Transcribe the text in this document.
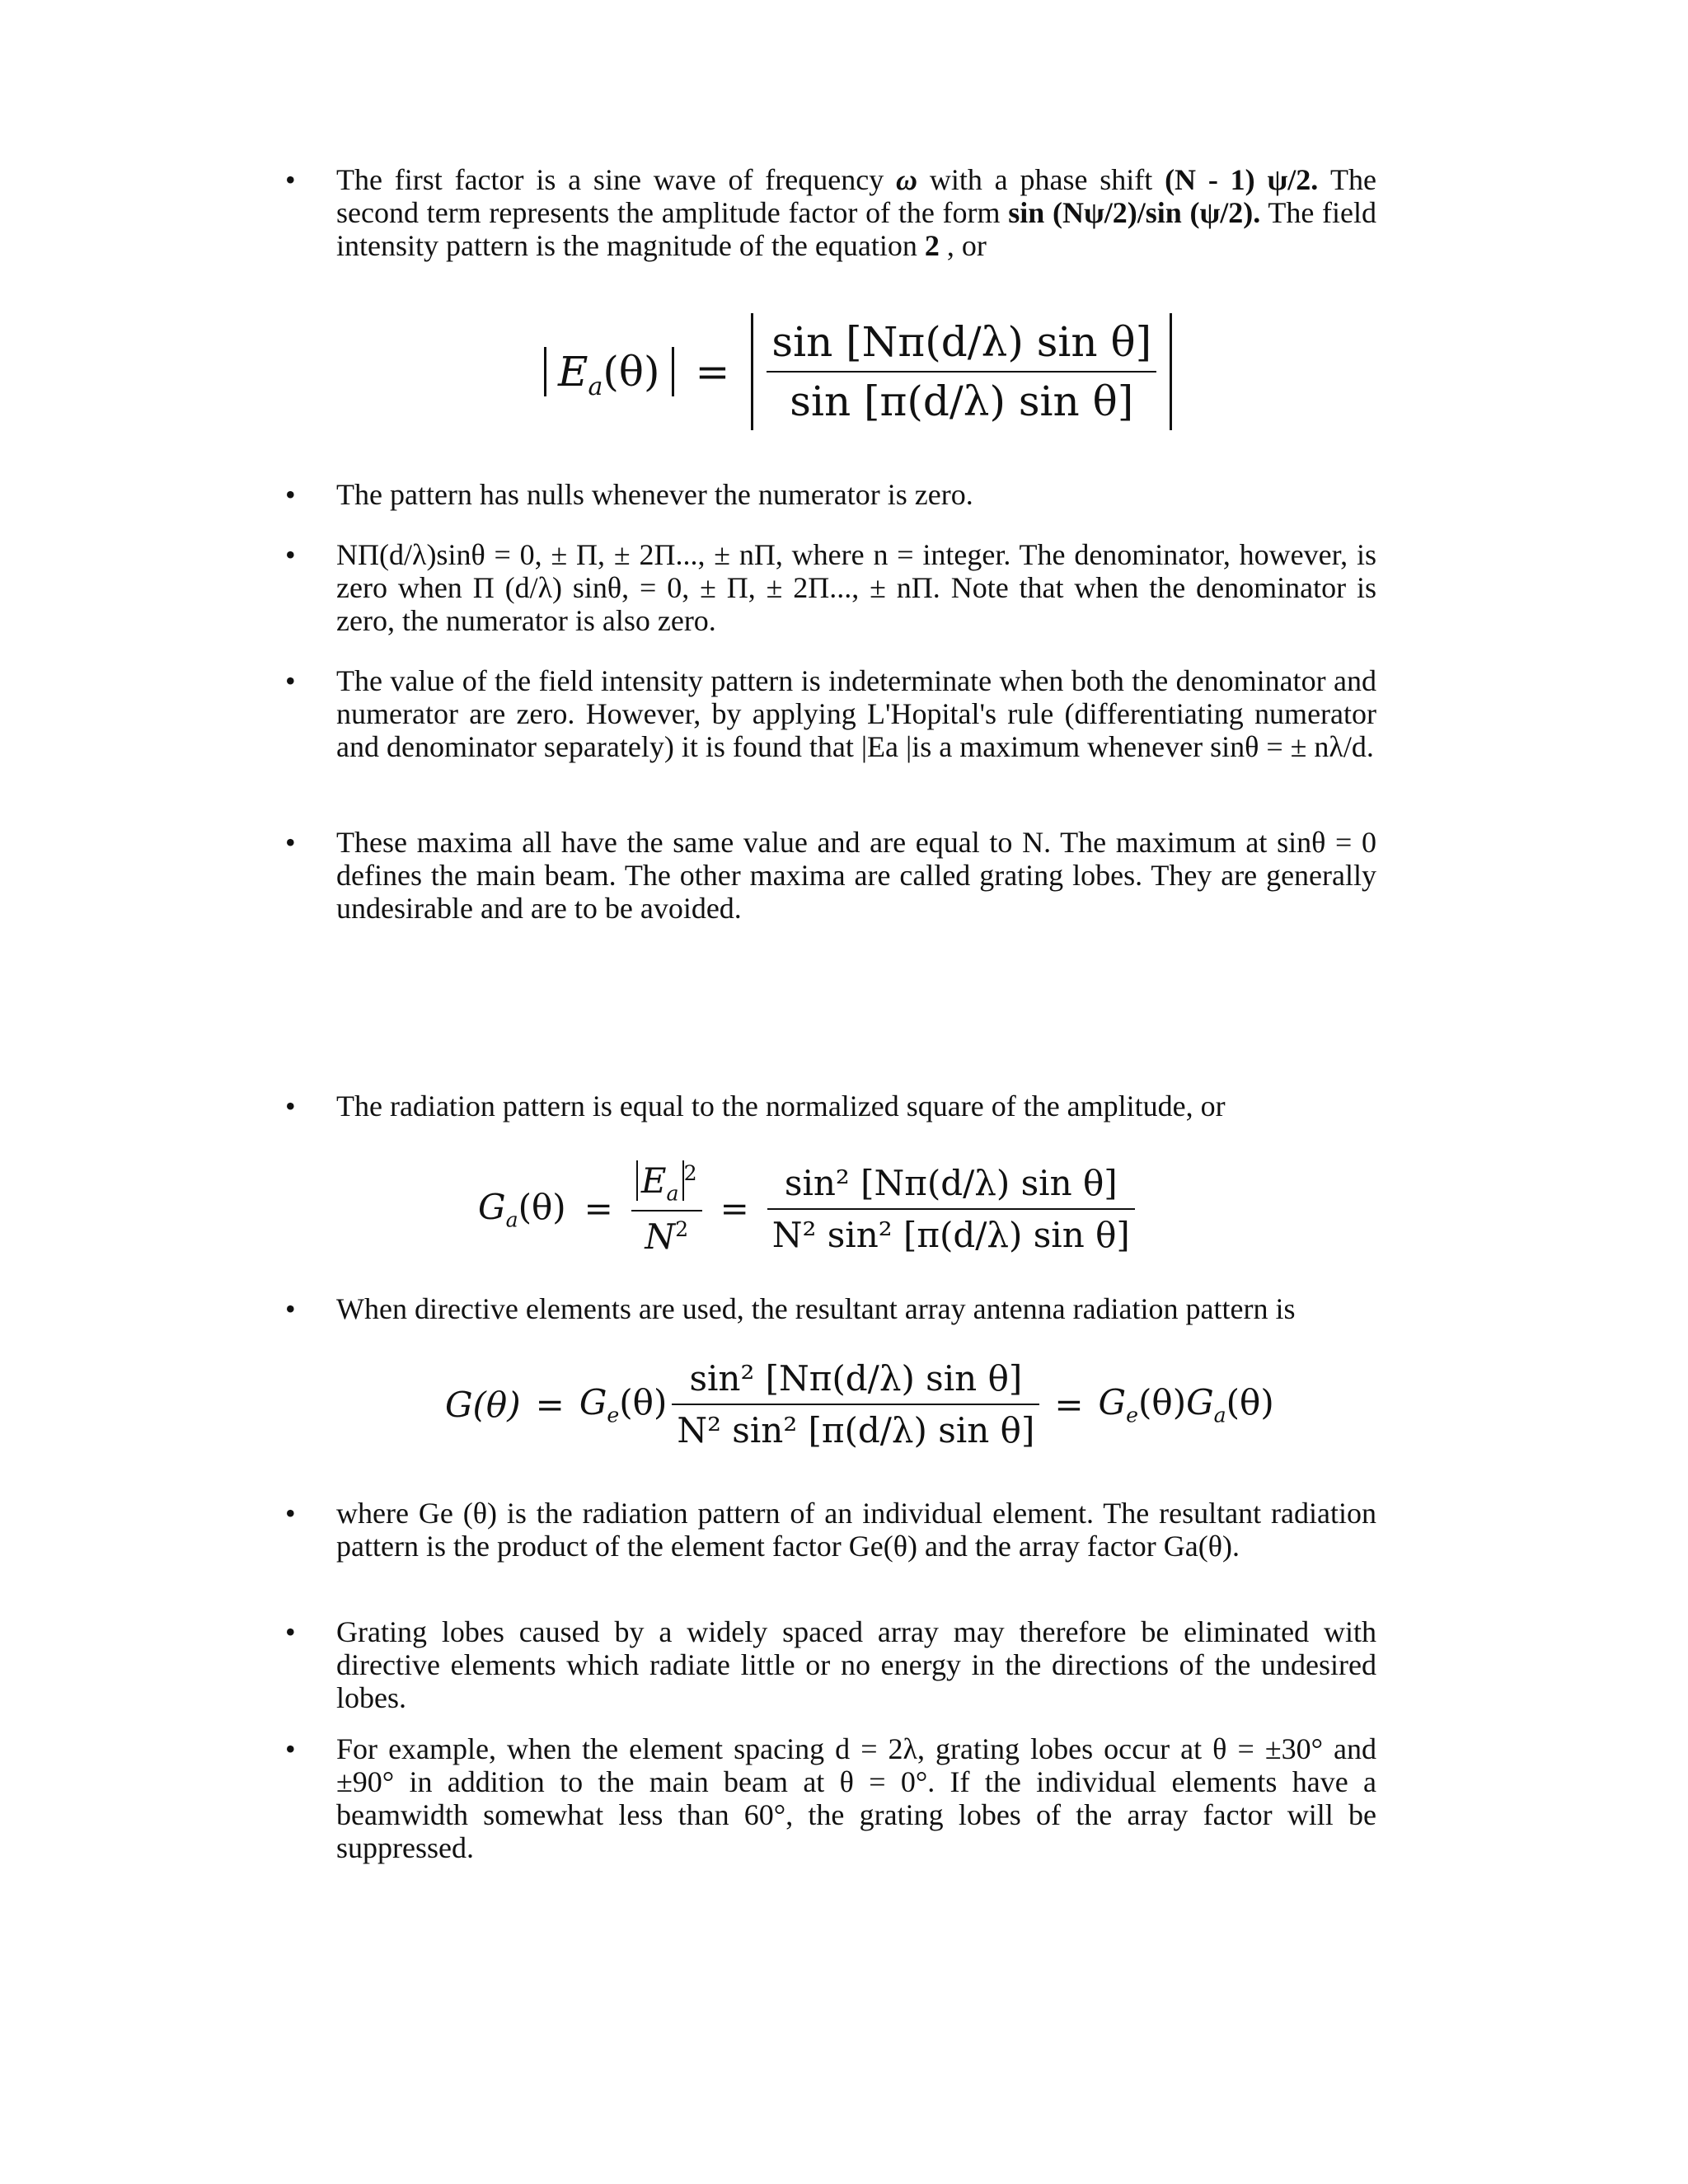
• The first factor is a sine wave of frequency ω with a phase shift (N - 1) ψ/2. The second term represents the amplitude factor of the form sin (Nψ/2)/sin (ψ/2). The field intensity pattern is the magnitude of the equation 2 , or

$E_a(\theta) = \frac{\text{sin [Nπ(d/λ) sin θ]}}{\text{sin [π(d/λ) sin θ]}}$
• The pattern has nulls whenever the numerator is zero.

• NΠ(d/λ)sinθ = 0, ± Π, ± 2Π..., ± nΠ, where n = integer. The denominator, however, is zero when Π (d/λ) sinθ, = 0, ± Π, ± 2Π..., ± nΠ. Note that when the denominator is zero, the numerator is also zero.

• The value of the field intensity pattern is indeterminate when both the denominator and numerator are zero. However, by applying L'Hopital's rule (differentiating numerator and denominator separately) it is found that |Ea |is a maximum whenever sinθ = ± nλ/d.

• These maxima all have the same value and are equal to N. The maximum at sinθ = 0 defines the main beam. The other maxima are called grating lobes. They are generally undesirable and are to be avoided.

• The radiation pattern is equal to the normalized square of the amplitude, or

$G_a(\theta) = \frac{E_a^2}{N^2} = \frac{\text{sin² [Nπ(d/λ) sin θ]}}{\text{N² sin² [π(d/λ) sin θ]}}$
• When directive elements are used, the resultant array antenna radiation pattern is

$G(\theta) = G_e(\theta) \frac{\text{sin² [Nπ(d/λ) sin θ]}}{\text{N² sin² [π(d/λ) sin θ]}} = G_e(\theta)G_a(\theta)$
• where Ge (θ) is the radiation pattern of an individual element. The resultant radiation pattern is the product of the element factor Ge(θ) and the array factor Ga(θ).

• Grating lobes caused by a widely spaced array may therefore be eliminated with directive elements which radiate little or no energy in the directions of the undesired lobes.

• For example, when the element spacing d = 2λ, grating lobes occur at θ = ±30° and ±90° in addition to the main beam at θ = 0°. If the individual elements have a beamwidth somewhat less than 60°, the grating lobes of the array factor will be suppressed.
